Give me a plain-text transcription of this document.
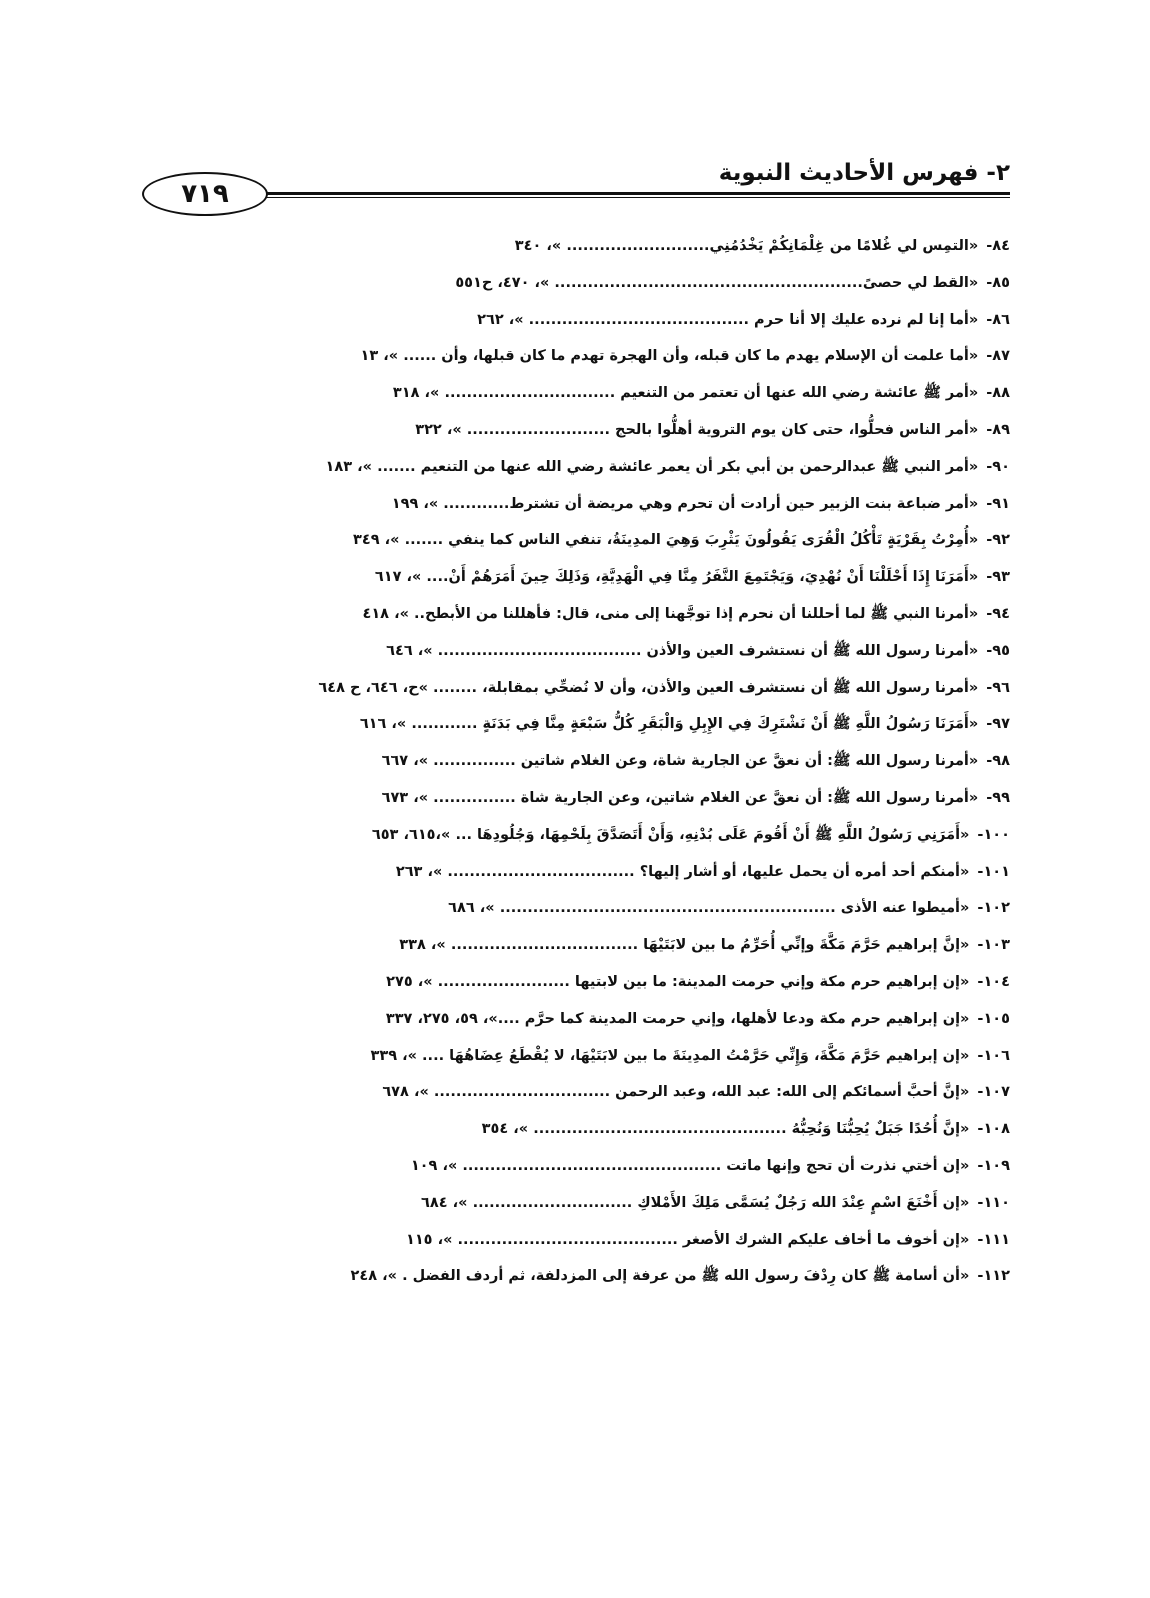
٢- فهرس الأحاديث النبوية
٧١٩
٨٤-
«التمِس لي غُلامًا من غِلْمَانِكُمْ يَخْدُمُنِي.......................... »، ٣٤٠
٨٥-
«القط لي حصىً........................................................ »، ٤٧٠، ح٥٥١
٨٦-
«أما إنا لم نرده عليك إلا أنا حرم ........................................ »، ٢٦٢
٨٧-
«أما علمت أن الإسلام يهدم ما كان قبله، وأن الهجرة تهدم ما كان قبلها، وأن ...... »، ١٣
٨٨-
«أمر ﷺ عائشة رضي الله عنها أن تعتمر من التنعيم ............................... »، ٣١٨
٨٩-
«أمر الناس فحلُّوا، حتى كان يوم التروية أهلُّوا بالحج .......................... »، ٣٢٢
٩٠-
«أمر النبي ﷺ عبدالرحمن بن أبي بكر أن يعمر عائشة رضي الله عنها من التنعيم ....... »، ١٨٣
٩١-
«أمر ضباعة بنت الزبير حين أرادت أن تحرم وهي مريضة أن تشترط............ »، ١٩٩
٩٢-
«أُمِرْتُ بِقَرْيَةٍ تَأْكُلُ الْقُرَى يَقُولُونَ يَثْرِبَ وَهِيَ المدِينَةُ، تنفي الناس كما ينفي ....... »، ٣٤٩
٩٣-
«أَمَرَنَا إِذَا أَحْلَلْنَا أَنْ نُهْدِيَ، وَيَجْتَمِعَ النَّفَرُ مِنَّا فِي الْهَدِيَّةِ، وَذَلِكَ حِينَ أَمَرَهُمْ أَنْ.... »، ٦١٧
٩٤-
«أمرنا النبي ﷺ لما أحللنا أن نحرم إذا توجَّهنا إلى منى، قال: فأهللنا من الأبطح.. »، ٤١٨
٩٥-
«أمرنا رسول الله ﷺ أن نستشرف العين والأذن ..................................... »، ٦٤٦
٩٦-
«أمرنا رسول الله ﷺ أن نستشرف العين والأذن، وأن لا نُضحِّي بمقابلة، ........ »ح، ٦٤٦، ح ٦٤٨
٩٧-
«أَمَرَنَا رَسُولُ اللَّهِ ﷺ أَنْ نَشْتَرِكَ فِي الإِبِلِ وَالْبَقَرِ كُلُّ سَبْعَةٍ مِنَّا فِي بَدَنَةٍ ............ »، ٦١٦
٩٨-
«أمرنا رسول الله ﷺ: أن نعقَّ عن الجارية شاة، وعن الغلام شاتين ............... »، ٦٦٧
٩٩-
«أمرنا رسول الله ﷺ: أن نعقَّ عن الغلام شاتين، وعن الجارية شاة ............... »، ٦٧٣
١٠٠-
«أَمَرَنِي رَسُولُ اللَّهِ ﷺ أَنْ أَقُومَ عَلَى بُدْنِهِ، وَأَنْ أَتَصَدَّقَ بِلَحْمِهَا، وَجُلُودِهَا ... »،٦١٥، ٦٥٣
١٠١-
«أمنكم أحد أمره أن يحمل عليها، أو أشار إليها؟ .................................. »، ٢٦٣
١٠٢-
«أميطوا عنه الأذى ............................................................. »، ٦٨٦
١٠٣-
«إنَّ إبراهيم حَرَّمَ مَكَّةَ وإنِّي أُحَرِّمُ ما بين لابَتَيْهَا .................................. »، ٣٣٨
١٠٤-
«إن إبراهيم حرم مكة وإني حرمت المدينة: ما بين لابتيها ........................ »، ٢٧٥
١٠٥-
«إن إبراهيم حرم مكة ودعا لأهلها، وإني حرمت المدينة كما حرَّم ....»، ٥٩، ٢٧٥، ٣٣٧
١٠٦-
«إن إبراهيم حَرَّمَ مَكَّةَ، وَإِنِّي حَرَّمْتُ المدِينَةَ ما بين لابَتَيْهَا، لا يُقْطَعُ عِضَاهُهَا .... »، ٣٣٩
١٠٧-
«إنَّ أحبَّ أسمائكم إلى الله: عبد الله، وعبد الرحمن ................................ »، ٦٧٨
١٠٨-
«إنَّ أُحُدًا جَبَلٌ يُحِبُّنَا وَنُحِبُّهُ .............................................. »، ٣٥٤
١٠٩-
«إن أختي نذرت أن تحج وإنها ماتت ............................................... »، ١٠٩
١١٠-
«إن أَخْنَعَ اسْمٍ عِنْدَ الله رَجُلٌ يُسَمَّى مَلِكَ الأَمْلاكِ ............................. »، ٦٨٤
١١١-
«إن أخوف ما أخاف عليكم الشرك الأصغر ........................................ »، ١١٥
١١٢-
«أن أسامة ﷺ كان رِدْفَ رسول الله ﷺ من عرفة إلى المزدلفة، ثم أردف الفضل . »، ٢٤٨
